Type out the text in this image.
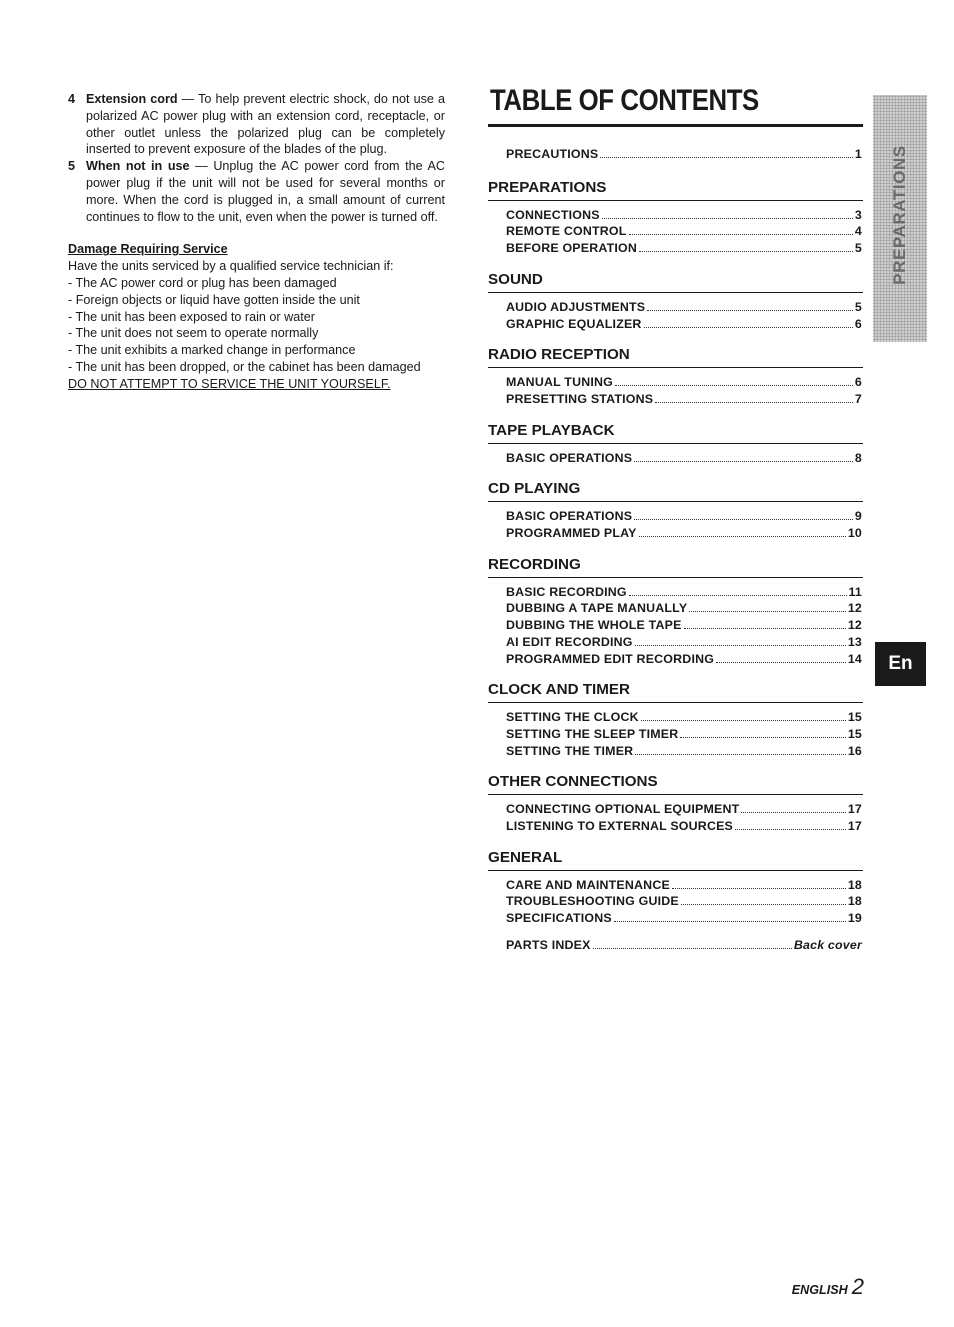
4 Extension cord — To help prevent electric shock, do not use a polarized AC power plug with an extension cord, receptacle, or other outlet unless the polarized plug can be completely inserted to prevent exposure of the blades of the plug.
5 When not in use — Unplug the AC power cord from the AC power plug if the unit will not be used for several months or more. When the cord is plugged in, a small amount of current continues to flow to the unit, even when the power is turned off.
Damage Requiring Service
Have the units serviced by a qualified service technician if:
- The AC power cord or plug has been damaged
- Foreign objects or liquid have gotten inside the unit
- The unit has been exposed to rain or water
- The unit does not seem to operate normally
- The unit exhibits a marked change in performance
- The unit has been dropped, or the cabinet has been damaged
DO NOT ATTEMPT TO SERVICE THE UNIT YOURSELF.
TABLE OF CONTENTS
PRECAUTIONS	1
PREPARATIONS
CONNECTIONS	3
REMOTE CONTROL	4
BEFORE OPERATION	5
SOUND
AUDIO ADJUSTMENTS	5
GRAPHIC EQUALIZER	6
RADIO RECEPTION
MANUAL TUNING	6
PRESETTING STATIONS	7
TAPE PLAYBACK
BASIC OPERATIONS	8
CD PLAYING
BASIC OPERATIONS	9
PROGRAMMED PLAY	10
RECORDING
BASIC RECORDING	11
DUBBING A TAPE MANUALLY	12
DUBBING THE WHOLE TAPE	12
AI EDIT RECORDING	13
PROGRAMMED EDIT RECORDING	14
CLOCK AND TIMER
SETTING THE CLOCK	15
SETTING THE SLEEP TIMER	15
SETTING THE TIMER	16
OTHER CONNECTIONS
CONNECTING OPTIONAL EQUIPMENT	17
LISTENING TO EXTERNAL SOURCES	17
GENERAL
CARE AND MAINTENANCE	18
TROUBLESHOOTING GUIDE	18
SPECIFICATIONS	19
PARTS INDEX	Back cover
PREPARATIONS
En
ENGLISH 2
